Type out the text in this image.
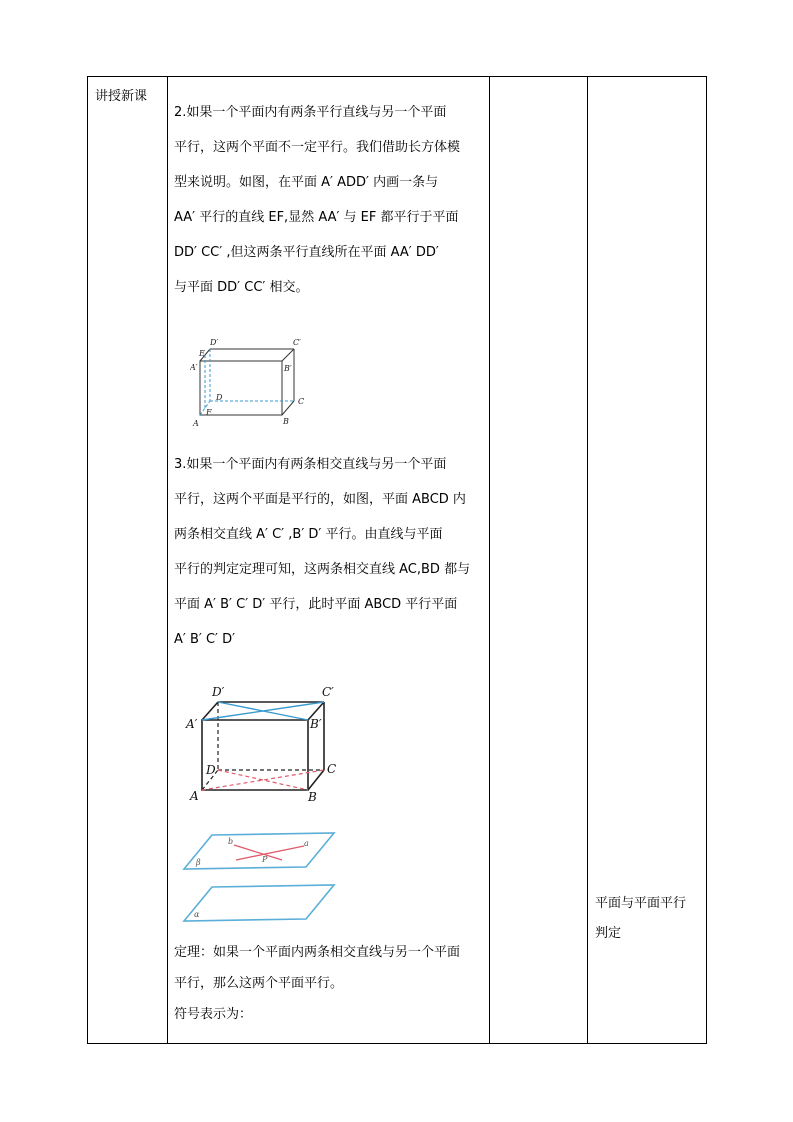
讲授新课
2.如果一个平面内有两条平行直线与另一个平面
平行，这两个平面不一定平行。我们借助长方体模
型来说明。如图，在平面 A′ ADD′ 内画一条与
AA′ 平行的直线 EF,显然 AA′ 与 EF 都平行于平面
DD′ CC′ ,但这两条平行直线所在平面 AA′ DD′
与平面 DD′ CC′ 相交。
D′	C′
E
A′	B′
D	C
F
A	B
3.如果一个平面内有两条相交直线与另一个平面
平行，这两个平面是平行的，如图，平面 ABCD 内
两条相交直线 A′ C′ ,B′ D′ 平行。由直线与平面
平行的判定定理可知，这两条相交直线 AC,BD 都与
平面 A′ B′ C′ D′ 平行，此时平面 ABCD 平行平面
A′ B′ C′ D′
D′	C′
A′	B′
D	C
A	B
b	a
P
β
α
定理：如果一个平面内两条相交直线与另一个平面
平行，那么这两个平面平行。
符号表示为：
平面与平面平行
判定
